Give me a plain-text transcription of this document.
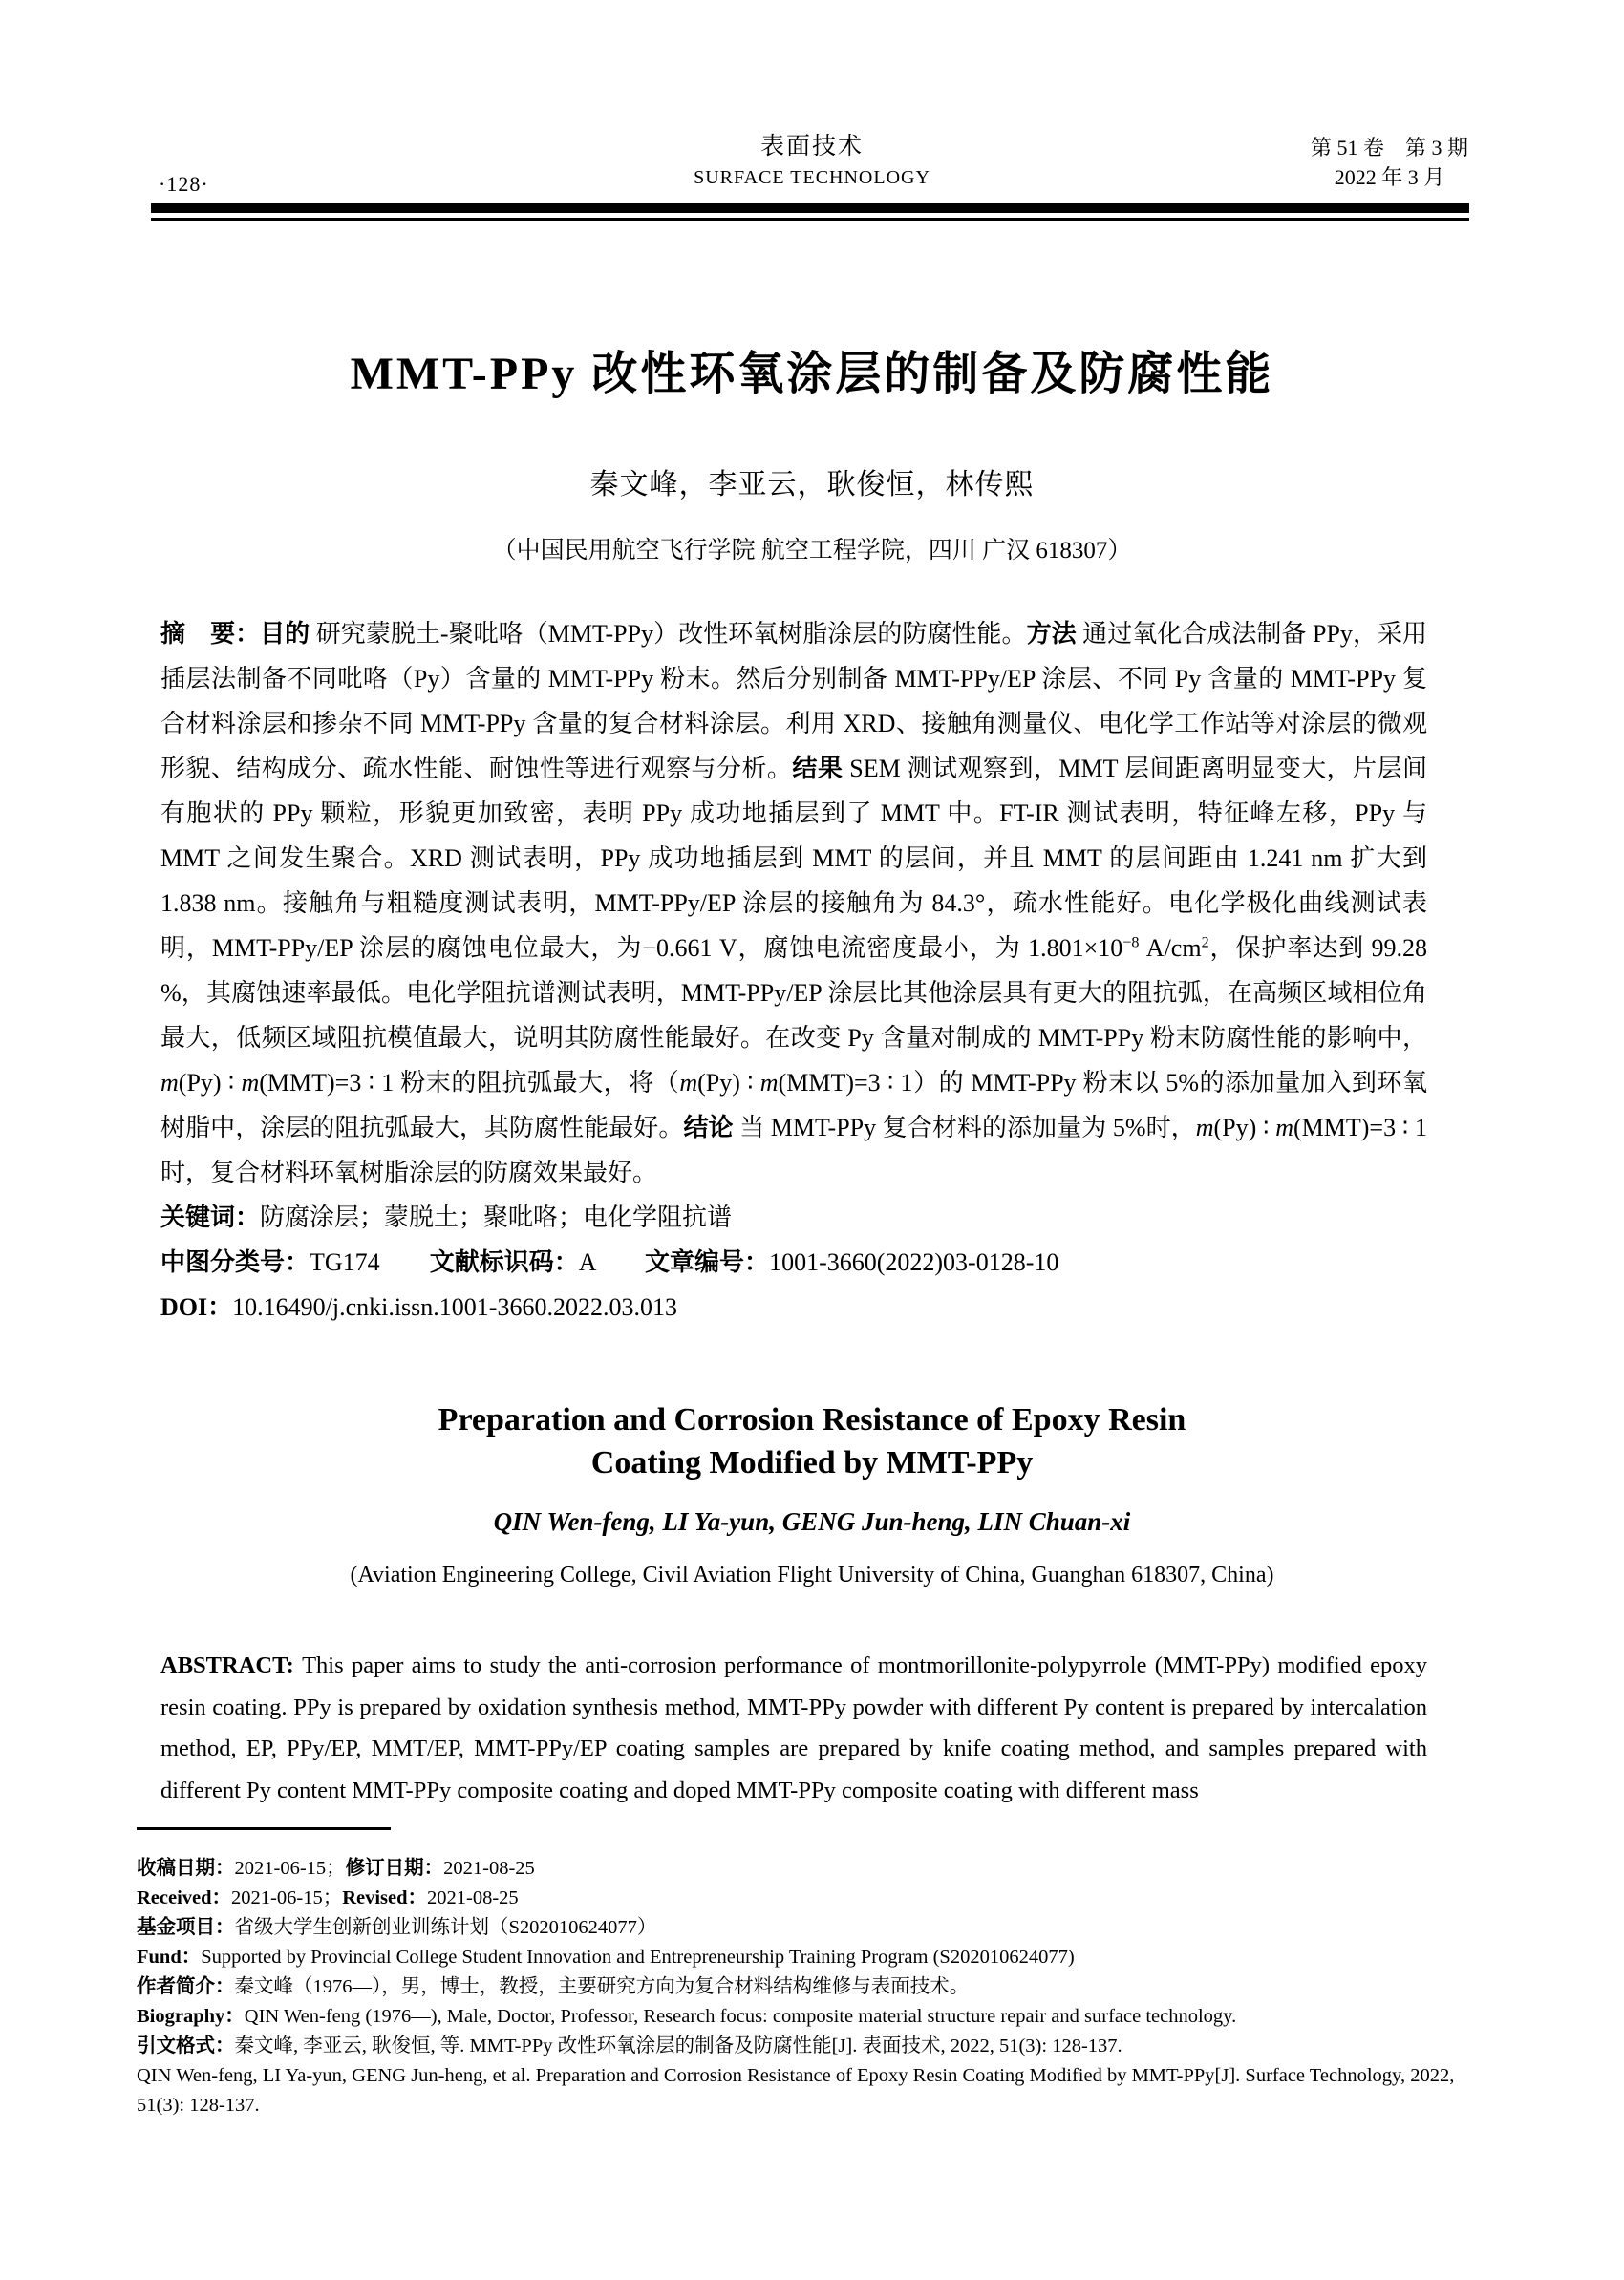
·128·
表面技术
SURFACE TECHNOLOGY
第 51 卷　第 3 期
2022 年 3 月
MMT-PPy 改性环氧涂层的制备及防腐性能
秦文峰，李亚云，耿俊恒，林传熙
（中国民用航空飞行学院 航空工程学院，四川 广汉 618307）
摘　要：目的 研究蒙脱土-聚吡咯（MMT-PPy）改性环氧树脂涂层的防腐性能。方法 通过氧化合成法制备 PPy，采用插层法制备不同吡咯（Py）含量的 MMT-PPy 粉末。然后分别制备 MMT-PPy/EP 涂层、不同 Py 含量的 MMT-PPy 复合材料涂层和掺杂不同 MMT-PPy 含量的复合材料涂层。利用 XRD、接触角测量仪、电化学工作站等对涂层的微观形貌、结构成分、疏水性能、耐蚀性等进行观察与分析。结果 SEM 测试观察到，MMT 层间距离明显变大，片层间有胞状的 PPy 颗粒，形貌更加致密，表明 PPy 成功地插层到了 MMT 中。FT-IR 测试表明，特征峰左移，PPy 与 MMT 之间发生聚合。XRD 测试表明，PPy 成功地插层到 MMT 的层间，并且 MMT 的层间距由 1.241 nm 扩大到 1.838 nm。接触角与粗糙度测试表明，MMT-PPy/EP 涂层的接触角为 84.3°，疏水性能好。电化学极化曲线测试表明，MMT-PPy/EP 涂层的腐蚀电位最大，为−0.661 V，腐蚀电流密度最小，为 $1.801\times 10^{-8}$ $A/cm^2$，保护率达到 99.28 %，其腐蚀速率最低。电化学阻抗谱测试表明，MMT-PPy/EP 涂层比其他涂层具有更大的阻抗弧，在高频区域相位角最大，低频区域阻抗模值最大，说明其防腐性能最好。在改变 Py 含量对制成的 MMT-PPy 粉末防腐性能的影响中，m(Py) ∶ m(MMT)=3 ∶ 1 粉末的阻抗弧最大，将（m(Py) ∶ m(MMT)=3 ∶ 1）的 MMT-PPy 粉末以 5%的添加量加入到环氧树脂中，涂层的阻抗弧最大，其防腐性能最好。结论 当 MMT-PPy 复合材料的添加量为 5%时，m(Py) ∶ m(MMT)=3 ∶ 1 时，复合材料环氧树脂涂层的防腐效果最好。
关键词：防腐涂层；蒙脱土；聚吡咯；电化学阻抗谱
中图分类号：TG174　　文献标识码：A　　文章编号：1001-3660(2022)03-0128-10
DOI：10.16490/j.cnki.issn.1001-3660.2022.03.013
Preparation and Corrosion Resistance of Epoxy Resin
Coating Modified by MMT-PPy
QIN Wen-feng, LI Ya-yun, GENG Jun-heng, LIN Chuan-xi
(Aviation Engineering College, Civil Aviation Flight University of China, Guanghan 618307, China)
ABSTRACT: This paper aims to study the anti-corrosion performance of montmorillonite-polypyrrole (MMT-PPy) modified epoxy resin coating. PPy is prepared by oxidation synthesis method, MMT-PPy powder with different Py content is prepared by intercalation method, EP, PPy/EP, MMT/EP, MMT-PPy/EP coating samples are prepared by knife coating method, and samples prepared with different Py content MMT-PPy composite coating and doped MMT-PPy composite coating with different mass
收稿日期：2021-06-15；修订日期：2021-08-25
Received：2021-06-15；Revised：2021-08-25
基金项目：省级大学生创新创业训练计划（S202010624077）
Fund：Supported by Provincial College Student Innovation and Entrepreneurship Training Program (S202010624077)
作者简介：秦文峰（1976—），男，博士，教授，主要研究方向为复合材料结构维修与表面技术。
Biography：QIN Wen-feng (1976—), Male, Doctor, Professor, Research focus: composite material structure repair and surface technology.
引文格式：秦文峰, 李亚云, 耿俊恒, 等. MMT-PPy 改性环氧涂层的制备及防腐性能[J]. 表面技术, 2022, 51(3): 128-137.
QIN Wen-feng, LI Ya-yun, GENG Jun-heng, et al. Preparation and Corrosion Resistance of Epoxy Resin Coating Modified by MMT-PPy[J]. Surface Technology, 2022, 51(3): 128-137.
